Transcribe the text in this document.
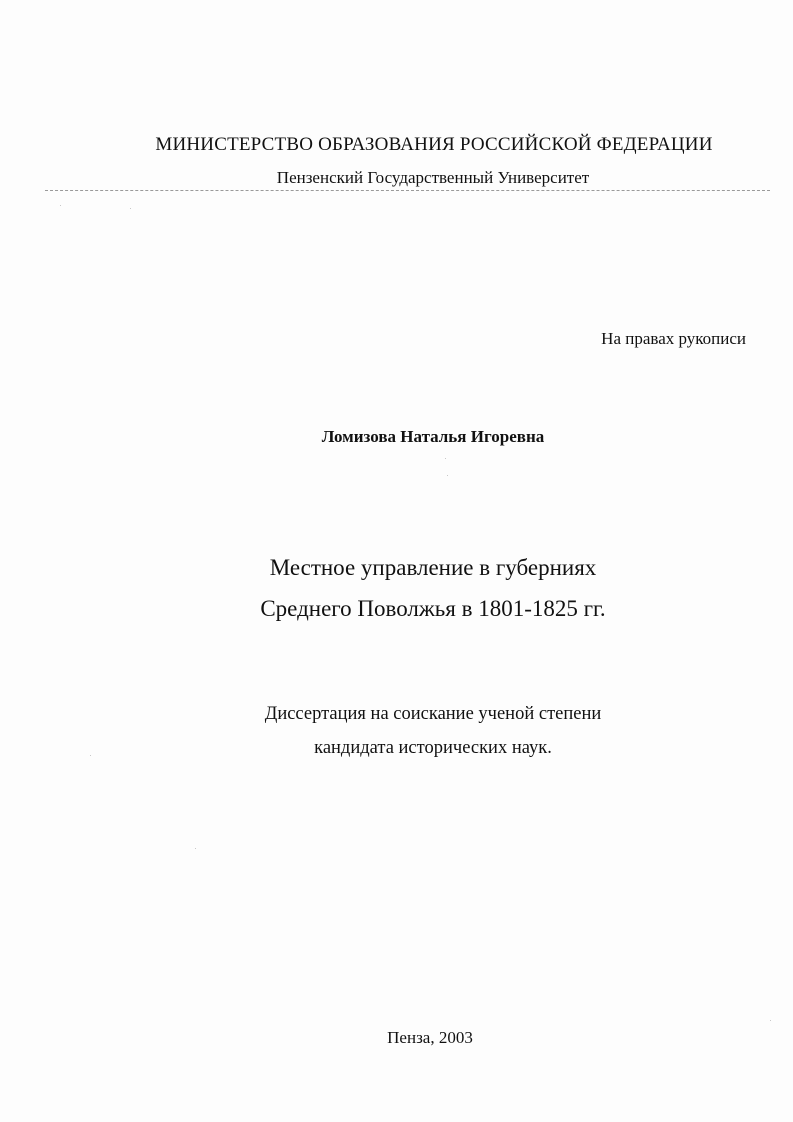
МИНИСТЕРСТВО ОБРАЗОВАНИЯ РОССИЙСКОЙ ФЕДЕРАЦИИ
Пензенский Государственный Университет
На правах рукописи
Ломизова Наталья Игоревна
Местное управление в губерниях
Среднего Поволжья в 1801-1825 гг.
Диссертация на соискание ученой степени
кандидата исторических наук.
Пенза, 2003
